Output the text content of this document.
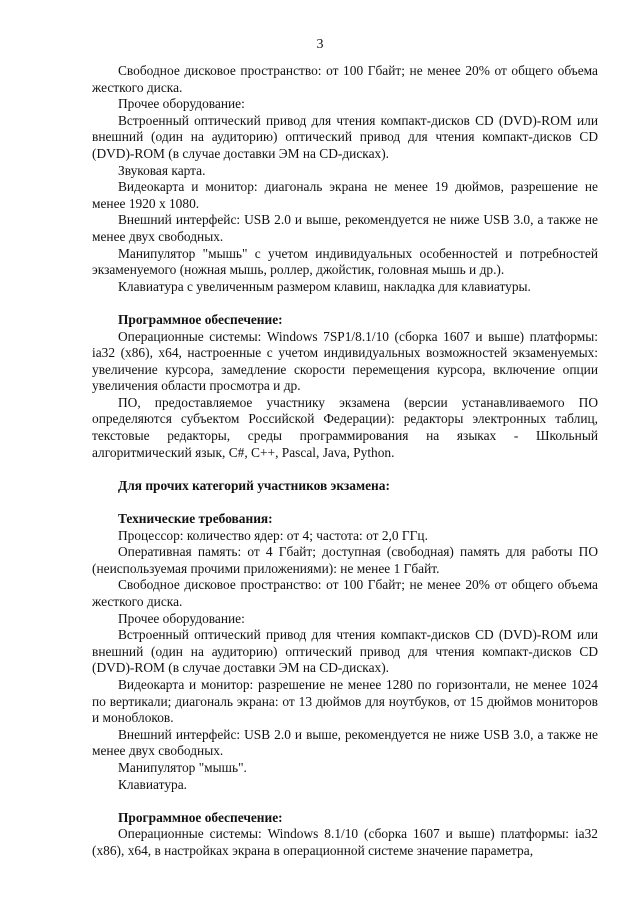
3

Свободное дисковое пространство: от 100 Гбайт; не менее 20% от общего объема жесткого диска.

Прочее оборудование:

Встроенный оптический привод для чтения компакт-дисков CD (DVD)-ROM или внешний (один на аудиторию) оптический привод для чтения компакт-дисков CD (DVD)-ROM (в случае доставки ЭМ на CD-дисках).

Звуковая карта.

Видеокарта и монитор: диагональ экрана не менее 19 дюймов, разрешение не менее 1920 x 1080.

Внешний интерфейс: USB 2.0 и выше, рекомендуется не ниже USB 3.0, а также не менее двух свободных.

Манипулятор "мышь" с учетом индивидуальных особенностей и потребностей экзаменуемого (ножная мышь, роллер, джойстик, головная мышь и др.).

Клавиатура с увеличенным размером клавиш, накладка для клавиатуры.

Программное обеспечение:

Операционные системы: Windows 7SP1/8.1/10 (сборка 1607 и выше) платформы: ia32 (x86), x64, настроенные с учетом индивидуальных возможностей экзаменуемых: увеличение курсора, замедление скорости перемещения курсора, включение опции увеличения области просмотра и др.

ПО, предоставляемое участнику экзамена (версии устанавливаемого ПО определяются субъектом Российской Федерации): редакторы электронных таблиц, текстовые редакторы, среды программирования на языках - Школьный алгоритмический язык, C#, C++, Pascal, Java, Python.

Для прочих категорий участников экзамена:

Технические требования:

Процессор: количество ядер: от 4; частота: от 2,0 ГГц.

Оперативная память: от 4 Гбайт; доступная (свободная) память для работы ПО (неиспользуемая прочими приложениями): не менее 1 Гбайт.

Свободное дисковое пространство: от 100 Гбайт; не менее 20% от общего объема жесткого диска.

Прочее оборудование:

Встроенный оптический привод для чтения компакт-дисков CD (DVD)-ROM или внешний (один на аудиторию) оптический привод для чтения компакт-дисков CD (DVD)-ROM (в случае доставки ЭМ на CD-дисках).

Видеокарта и монитор: разрешение не менее 1280 по горизонтали, не менее 1024 по вертикали; диагональ экрана: от 13 дюймов для ноутбуков, от 15 дюймов мониторов и моноблоков.

Внешний интерфейс: USB 2.0 и выше, рекомендуется не ниже USB 3.0, а также не менее двух свободных.

Манипулятор "мышь".

Клавиатура.

Программное обеспечение:

Операционные системы: Windows 8.1/10 (сборка 1607 и выше) платформы: ia32 (x86), x64, в настройках экрана в операционной системе значение параметра,
